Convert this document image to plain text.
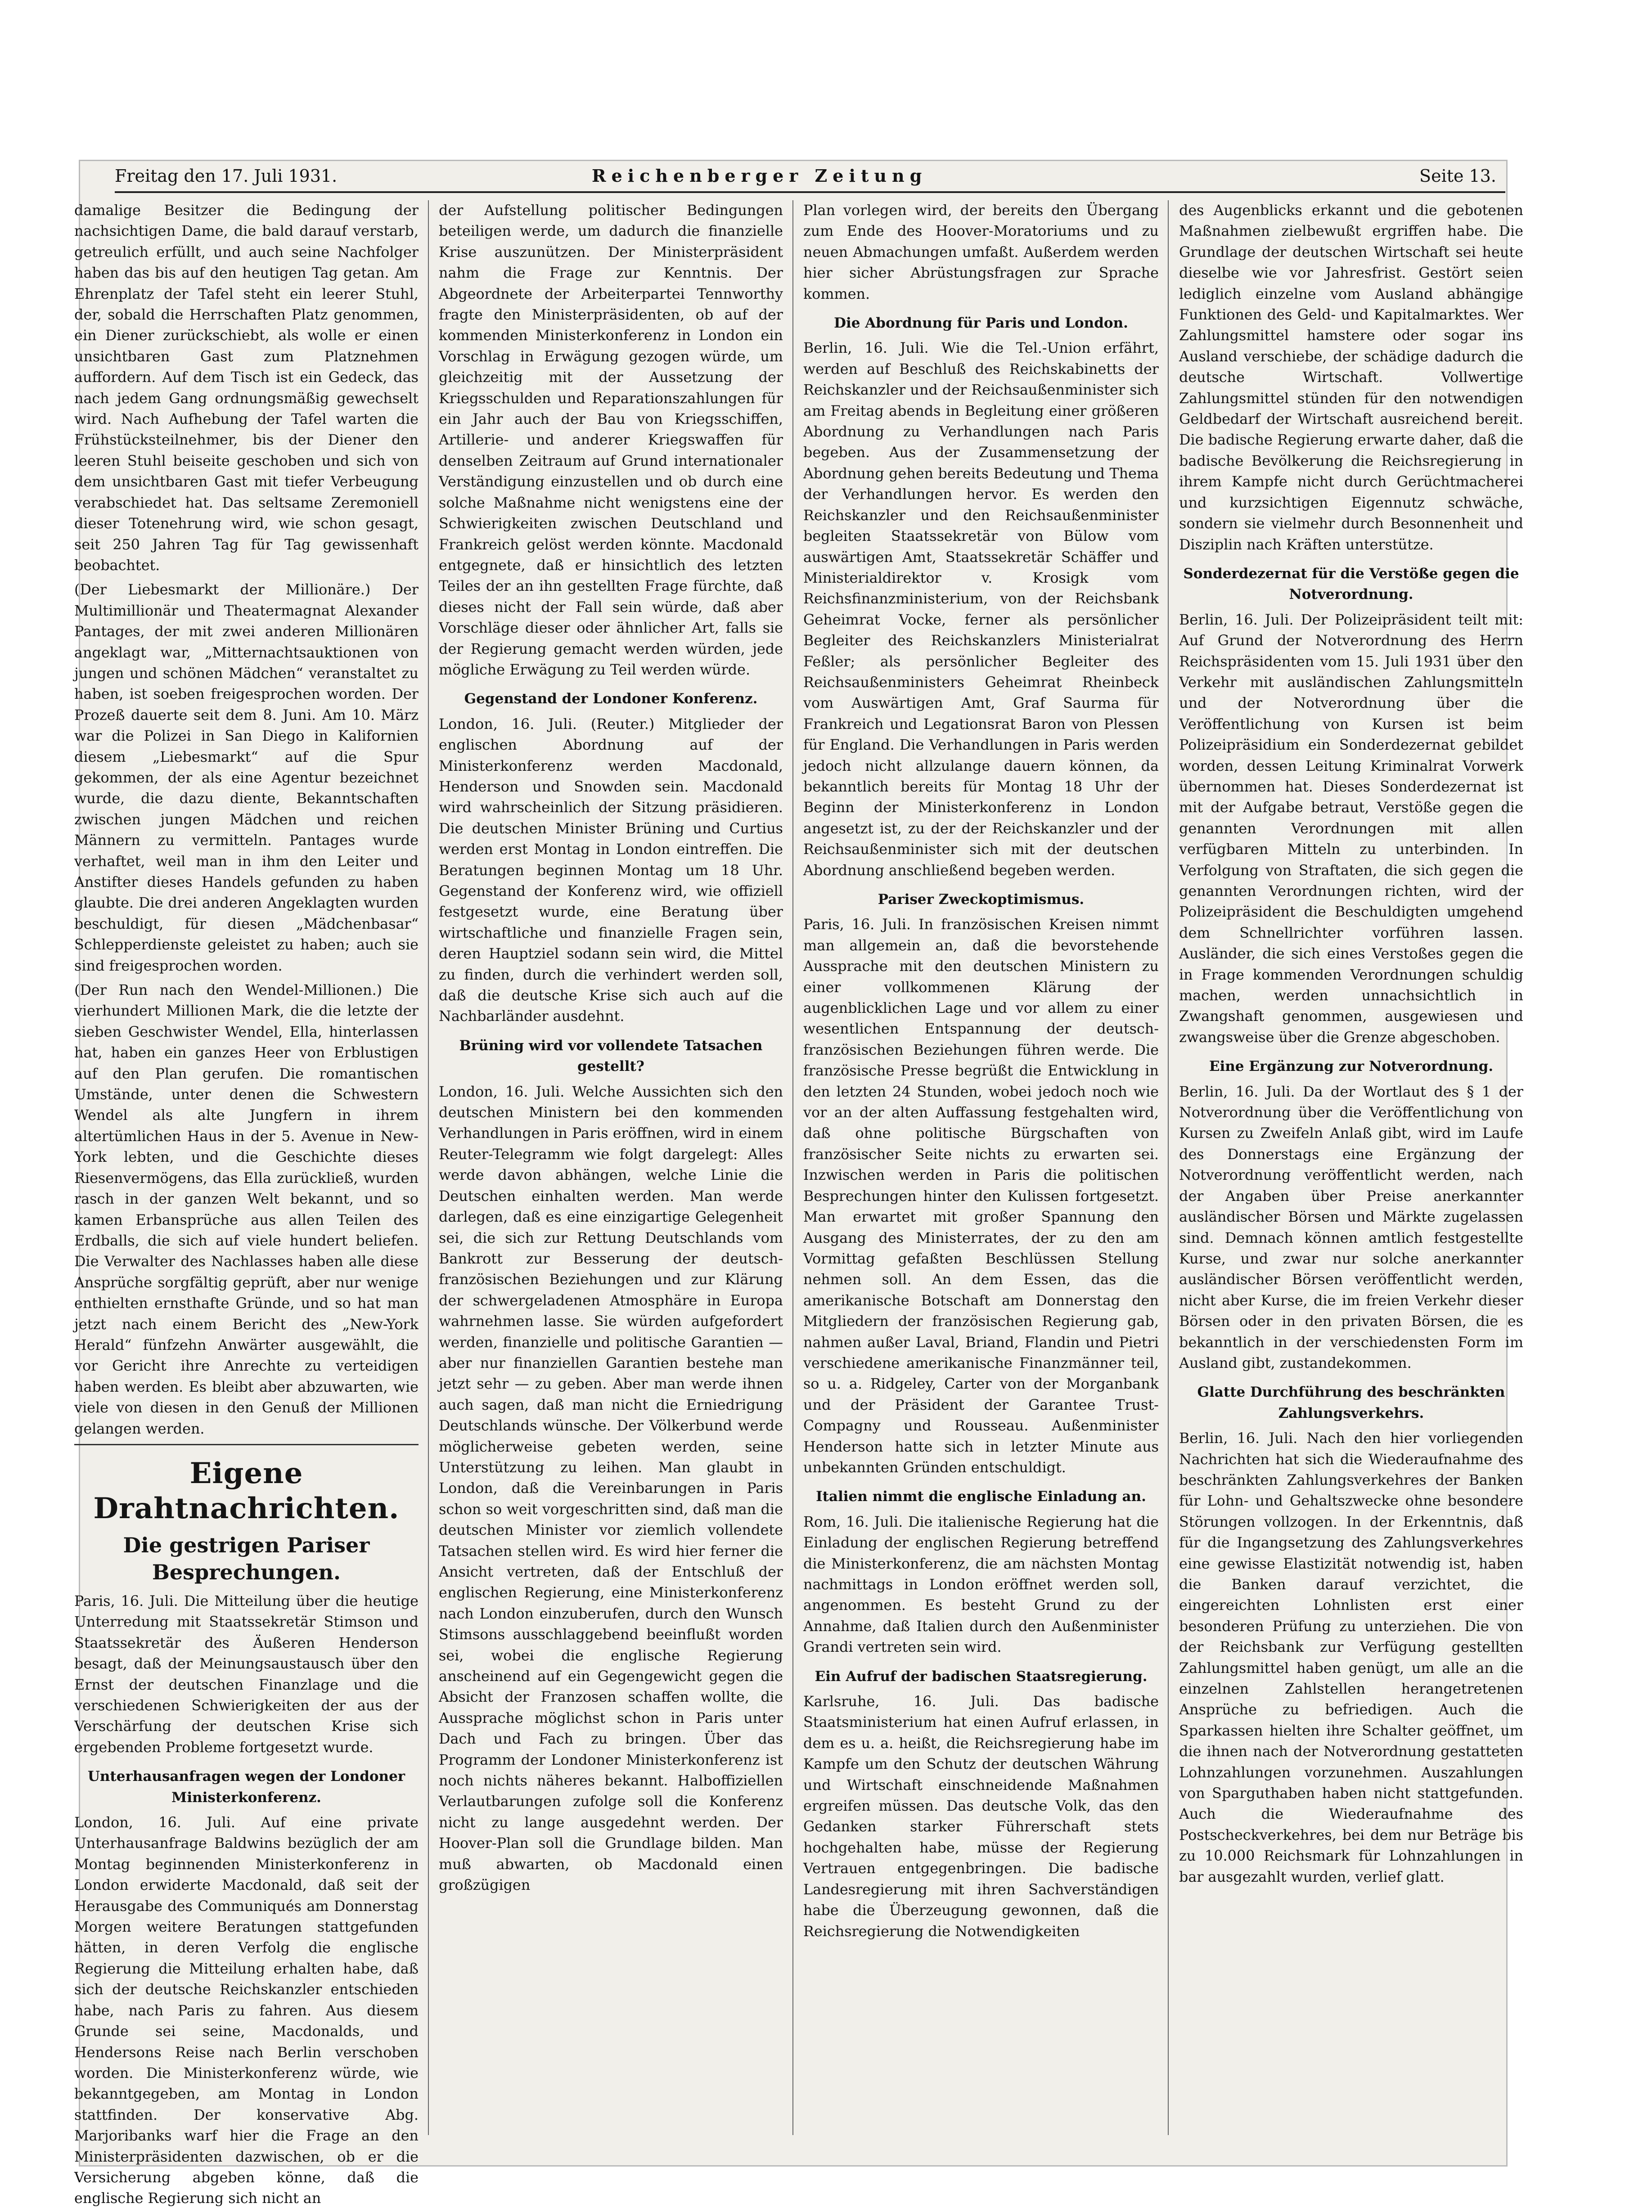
Freitag den 17. Juli 1931.	Reichenberger Zeitung	Seite 13.

damalige Besitzer die Bedingung der nachsichtigen Dame, die bald darauf verstarb, getreulich erfüllt, und auch seine Nachfolger haben das bis auf den heutigen Tag getan. Am Ehrenplatz der Tafel steht ein leerer Stuhl, der, sobald die Herrschaften Platz genommen, ein Diener zurückschiebt, als wolle er einen unsichtbaren Gast zum Platznehmen auffordern. Auf dem Tisch ist ein Gedeck, das nach jedem Gang ordnungsmäßig gewechselt wird. Nach Aufhebung der Tafel warten die Frühstücksteilnehmer, bis der Diener den leeren Stuhl beiseite geschoben und sich von dem unsichtbaren Gast mit tiefer Verbeugung verabschiedet hat. Das seltsame Zeremoniell dieser Totenehrung wird, wie schon gesagt, seit 250 Jahren Tag für Tag gewissenhaft beobachtet.

(Der Liebesmarkt der Millionäre.) Der Multimillionär und Theatermagnat Alexander Pantages, der mit zwei anderen Millionären angeklagt war, „Mitternachtsauktionen von jungen und schönen Mädchen“ veranstaltet zu haben, ist soeben freigesprochen worden. Der Prozeß dauerte seit dem 8. Juni. Am 10. März war die Polizei in San Diego in Kalifornien diesem „Liebesmarkt“ auf die Spur gekommen, der als eine Agentur bezeichnet wurde, die dazu diente, Bekanntschaften zwischen jungen Mädchen und reichen Männern zu vermitteln. Pantages wurde verhaftet, weil man in ihm den Leiter und Anstifter dieses Handels gefunden zu haben glaubte. Die drei anderen Angeklagten wurden beschuldigt, für diesen „Mädchenbasar“ Schlepperdienste geleistet zu haben; auch sie sind freigesprochen worden.

(Der Run nach den Wendel-Millionen.) Die vierhundert Millionen Mark, die die letzte der sieben Geschwister Wendel, Ella, hinterlassen hat, haben ein ganzes Heer von Erblustigen auf den Plan gerufen. Die romantischen Umstände, unter denen die Schwestern Wendel als alte Jungfern in ihrem altertümlichen Haus in der 5. Avenue in New-York lebten, und die Geschichte dieses Riesenvermögens, das Ella zurückließ, wurden rasch in der ganzen Welt bekannt, und so kamen Erbansprüche aus allen Teilen des Erdballs, die sich auf viele hundert beliefen. Die Verwalter des Nachlasses haben alle diese Ansprüche sorgfältig geprüft, aber nur wenige enthielten ernsthafte Gründe, und so hat man jetzt nach einem Bericht des „New-York Herald“ fünfzehn Anwärter ausgewählt, die vor Gericht ihre Anrechte zu verteidigen haben werden. Es bleibt aber abzuwarten, wie viele von diesen in den Genuß der Millionen gelangen werden.

Eigene Drahtnachrichten.
Die gestrigen Pariser Besprechungen.

Paris, 16. Juli. Die Mitteilung über die heutige Unterredung mit Staatssekretär Stimson und Staatssekretär des Äußeren Henderson besagt, daß der Meinungsaustausch über den Ernst der deutschen Finanzlage und die verschiedenen Schwierigkeiten der aus der Verschärfung der deutschen Krise sich ergebenden Probleme fortgesetzt wurde.

Unterhausanfragen wegen der Londoner Ministerkonferenz.

London, 16. Juli. Auf eine private Unterhausanfrage Baldwins bezüglich der am Montag beginnenden Ministerkonferenz in London erwiderte Macdonald, daß seit der Herausgabe des Communiqués am Donnerstag Morgen weitere Beratungen stattgefunden hätten, in deren Verfolg die englische Regierung die Mitteilung erhalten habe, daß sich der deutsche Reichskanzler entschieden habe, nach Paris zu fahren. Aus diesem Grunde sei seine, Macdonalds, und Hendersons Reise nach Berlin verschoben worden. Die Ministerkonferenz würde, wie bekanntgegeben, am Montag in London stattfinden. Der konservative Abg. Marjoribanks warf hier die Frage an den Ministerpräsidenten dazwischen, ob er die Versicherung abgeben könne, daß die englische Regierung sich nicht an

der Aufstellung politischer Bedingungen beteiligen werde, um dadurch die finanzielle Krise auszunützen. Der Ministerpräsident nahm die Frage zur Kenntnis. Der Abgeordnete der Arbeiterpartei Tennworthy fragte den Ministerpräsidenten, ob auf der kommenden Ministerkonferenz in London ein Vorschlag in Erwägung gezogen würde, um gleichzeitig mit der Aussetzung der Kriegsschulden und Reparationszahlungen für ein Jahr auch der Bau von Kriegsschiffen, Artillerie- und anderer Kriegswaffen für denselben Zeitraum auf Grund internationaler Verständigung einzustellen und ob durch eine solche Maßnahme nicht wenigstens eine der Schwierigkeiten zwischen Deutschland und Frankreich gelöst werden könnte. Macdonald entgegnete, daß er hinsichtlich des letzten Teiles der an ihn gestellten Frage fürchte, daß dieses nicht der Fall sein würde, daß aber Vorschläge dieser oder ähnlicher Art, falls sie der Regierung gemacht werden würden, jede mögliche Erwägung zu Teil werden würde.

Gegenstand der Londoner Konferenz.

London, 16. Juli. (Reuter.) Mitglieder der englischen Abordnung auf der Ministerkonferenz werden Macdonald, Henderson und Snowden sein. Macdonald wird wahrscheinlich der Sitzung präsidieren. Die deutschen Minister Brüning und Curtius werden erst Montag in London eintreffen. Die Beratungen beginnen Montag um 18 Uhr. Gegenstand der Konferenz wird, wie offiziell festgesetzt wurde, eine Beratung über wirtschaftliche und finanzielle Fragen sein, deren Hauptziel sodann sein wird, die Mittel zu finden, durch die verhindert werden soll, daß die deutsche Krise sich auch auf die Nachbarländer ausdehnt.

Brüning wird vor vollendete Tatsachen gestellt?

London, 16. Juli. Welche Aussichten sich den deutschen Ministern bei den kommenden Verhandlungen in Paris eröffnen, wird in einem Reuter-Telegramm wie folgt dargelegt: Alles werde davon abhängen, welche Linie die Deutschen einhalten werden. Man werde darlegen, daß es eine einzigartige Gelegenheit sei, die sich zur Rettung Deutschlands vom Bankrott zur Besserung der deutsch-französischen Beziehungen und zur Klärung der schwergeladenen Atmosphäre in Europa wahrnehmen lasse. Sie würden aufgefordert werden, finanzielle und politische Garantien — aber nur finanziellen Garantien bestehe man jetzt sehr — zu geben. Aber man werde ihnen auch sagen, daß man nicht die Erniedrigung Deutschlands wünsche. Der Völkerbund werde möglicherweise gebeten werden, seine Unterstützung zu leihen. Man glaubt in London, daß die Vereinbarungen in Paris schon so weit vorgeschritten sind, daß man die deutschen Minister vor ziemlich vollendete Tatsachen stellen wird. Es wird hier ferner die Ansicht vertreten, daß der Entschluß der englischen Regierung, eine Ministerkonferenz nach London einzuberufen, durch den Wunsch Stimsons ausschlaggebend beeinflußt worden sei, wobei die englische Regierung anscheinend auf ein Gegengewicht gegen die Absicht der Franzosen schaffen wollte, die Aussprache möglichst schon in Paris unter Dach und Fach zu bringen. Über das Programm der Londoner Ministerkonferenz ist noch nichts näheres bekannt. Halboffiziellen Verlautbarungen zufolge soll die Konferenz nicht zu lange ausgedehnt werden. Der Hoover-Plan soll die Grundlage bilden. Man muß abwarten, ob Macdonald einen großzügigen

Plan vorlegen wird, der bereits den Übergang zum Ende des Hoover-Moratoriums und zu neuen Abmachungen umfaßt. Außerdem werden hier sicher Abrüstungsfragen zur Sprache kommen.

Die Abordnung für Paris und London.

Berlin, 16. Juli. Wie die Tel.-Union erfährt, werden auf Beschluß des Reichskabinetts der Reichskanzler und der Reichsaußenminister sich am Freitag abends in Begleitung einer größeren Abordnung zu Verhandlungen nach Paris begeben. Aus der Zusammensetzung der Abordnung gehen bereits Bedeutung und Thema der Verhandlungen hervor. Es werden den Reichskanzler und den Reichsaußenminister begleiten Staatssekretär von Bülow vom auswärtigen Amt, Staatssekretär Schäffer und Ministerialdirektor v. Krosigk vom Reichsfinanzministerium, von der Reichsbank Geheimrat Vocke, ferner als persönlicher Begleiter des Reichskanzlers Ministerialrat Feßler; als persönlicher Begleiter des Reichsaußenministers Geheimrat Rheinbeck vom Auswärtigen Amt, Graf Saurma für Frankreich und Legationsrat Baron von Plessen für England. Die Verhandlungen in Paris werden jedoch nicht allzulange dauern können, da bekanntlich bereits für Montag 18 Uhr der Beginn der Ministerkonferenz in London angesetzt ist, zu der der Reichskanzler und der Reichsaußenminister sich mit der deutschen Abordnung anschließend begeben werden.

Pariser Zweckoptimismus.

Paris, 16. Juli. In französischen Kreisen nimmt man allgemein an, daß die bevorstehende Aussprache mit den deutschen Ministern zu einer vollkommenen Klärung der augenblicklichen Lage und vor allem zu einer wesentlichen Entspannung der deutsch-französischen Beziehungen führen werde. Die französische Presse begrüßt die Entwicklung in den letzten 24 Stunden, wobei jedoch noch wie vor an der alten Auffassung festgehalten wird, daß ohne politische Bürgschaften von französischer Seite nichts zu erwarten sei. Inzwischen werden in Paris die politischen Besprechungen hinter den Kulissen fortgesetzt. Man erwartet mit großer Spannung den Ausgang des Ministerrates, der zu den am Vormittag gefaßten Beschlüssen Stellung nehmen soll. An dem Essen, das die amerikanische Botschaft am Donnerstag den Mitgliedern der französischen Regierung gab, nahmen außer Laval, Briand, Flandin und Pietri verschiedene amerikanische Finanzmänner teil, so u. a. Ridgeley, Carter von der Morganbank und der Präsident der Garantee Trust-Compagny und Rousseau. Außenminister Henderson hatte sich in letzter Minute aus unbekannten Gründen entschuldigt.

Italien nimmt die englische Einladung an.

Rom, 16. Juli. Die italienische Regierung hat die Einladung der englischen Regierung betreffend die Ministerkonferenz, die am nächsten Montag nachmittags in London eröffnet werden soll, angenommen. Es besteht Grund zu der Annahme, daß Italien durch den Außenminister Grandi vertreten sein wird.

Ein Aufruf der badischen Staatsregierung.

Karlsruhe, 16. Juli. Das badische Staatsministerium hat einen Aufruf erlassen, in dem es u. a. heißt, die Reichsregierung habe im Kampfe um den Schutz der deutschen Währung und Wirtschaft einschneidende Maßnahmen ergreifen müssen. Das deutsche Volk, das den Gedanken starker Führerschaft stets hochgehalten habe, müsse der Regierung Vertrauen entgegenbringen. Die badische Landesregierung mit ihren Sachverständigen habe die Überzeugung gewonnen, daß die Reichsregierung die Notwendigkeiten

des Augenblicks erkannt und die gebotenen Maßnahmen zielbewußt ergriffen habe. Die Grundlage der deutschen Wirtschaft sei heute dieselbe wie vor Jahresfrist. Gestört seien lediglich einzelne vom Ausland abhängige Funktionen des Geld- und Kapitalmarktes. Wer Zahlungsmittel hamstere oder sogar ins Ausland verschiebe, der schädige dadurch die deutsche Wirtschaft. Vollwertige Zahlungsmittel stünden für den notwendigen Geldbedarf der Wirtschaft ausreichend bereit. Die badische Regierung erwarte daher, daß die badische Bevölkerung die Reichsregierung in ihrem Kampfe nicht durch Gerüchtmacherei und kurzsichtigen Eigennutz schwäche, sondern sie vielmehr durch Besonnenheit und Disziplin nach Kräften unterstütze.

Sonderdezernat für die Verstöße gegen die Notverordnung.

Berlin, 16. Juli. Der Polizeipräsident teilt mit: Auf Grund der Notverordnung des Herrn Reichspräsidenten vom 15. Juli 1931 über den Verkehr mit ausländischen Zahlungsmitteln und der Notverordnung über die Veröffentlichung von Kursen ist beim Polizeipräsidium ein Sonderdezernat gebildet worden, dessen Leitung Kriminalrat Vorwerk übernommen hat. Dieses Sonderdezernat ist mit der Aufgabe betraut, Verstöße gegen die genannten Verordnungen mit allen verfügbaren Mitteln zu unterbinden. In Verfolgung von Straftaten, die sich gegen die genannten Verordnungen richten, wird der Polizeipräsident die Beschuldigten umgehend dem Schnellrichter vorführen lassen. Ausländer, die sich eines Verstoßes gegen die in Frage kommenden Verordnungen schuldig machen, werden unnachsichtlich in Zwangshaft genommen, ausgewiesen und zwangsweise über die Grenze abgeschoben.

Eine Ergänzung zur Notverordnung.

Berlin, 16. Juli. Da der Wortlaut des § 1 der Notverordnung über die Veröffentlichung von Kursen zu Zweifeln Anlaß gibt, wird im Laufe des Donnerstags eine Ergänzung der Notverordnung veröffentlicht werden, nach der Angaben über Preise anerkannter ausländischer Börsen und Märkte zugelassen sind. Demnach können amtlich festgestellte Kurse, und zwar nur solche anerkannter ausländischer Börsen veröffentlicht werden, nicht aber Kurse, die im freien Verkehr dieser Börsen oder in den privaten Börsen, die es bekanntlich in der verschiedensten Form im Ausland gibt, zustandekommen.

Glatte Durchführung des beschränkten Zahlungsverkehrs.

Berlin, 16. Juli. Nach den hier vorliegenden Nachrichten hat sich die Wiederaufnahme des beschränkten Zahlungsverkehres der Banken für Lohn- und Gehaltszwecke ohne besondere Störungen vollzogen. In der Erkenntnis, daß für die Ingangsetzung des Zahlungsverkehres eine gewisse Elastizität notwendig ist, haben die Banken darauf verzichtet, die eingereichten Lohnlisten erst einer besonderen Prüfung zu unterziehen. Die von der Reichsbank zur Verfügung gestellten Zahlungsmittel haben genügt, um alle an die einzelnen Zahlstellen herangetretenen Ansprüche zu befriedigen. Auch die Sparkassen hielten ihre Schalter geöffnet, um die ihnen nach der Notverordnung gestatteten Lohnzahlungen vorzunehmen. Auszahlungen von Sparguthaben haben nicht stattgefunden. Auch die Wiederaufnahme des Postscheckverkehres, bei dem nur Beträge bis zu 10.000 Reichsmark für Lohnzahlungen in bar ausgezahlt wurden, verlief glatt.
